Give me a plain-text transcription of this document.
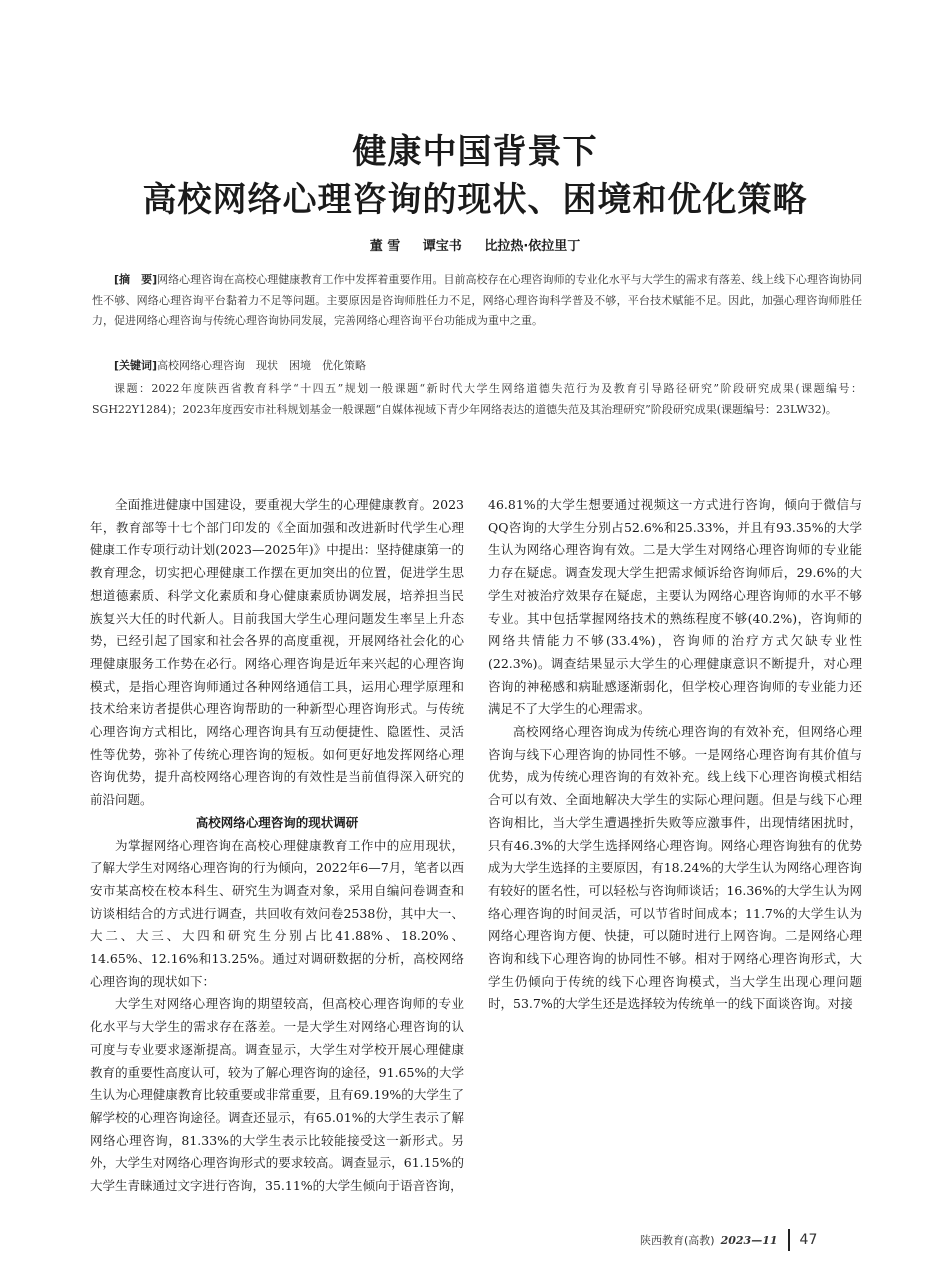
健康中国背景下
高校网络心理咨询的现状、困境和优化策略
董 雪 谭宝书 比拉热·依拉里丁

[摘　要]网络心理咨询在高校心理健康教育工作中发挥着重要作用。目前高校存在心理咨询师的专业化水平与大学生的需求有落差、线上线下心理咨询协同性不够、网络心理咨询平台黏着力不足等问题。主要原因是咨询师胜任力不足，网络心理咨询科学普及不够，平台技术赋能不足。因此，加强心理咨询师胜任力，促进网络心理咨询与传统心理咨询协同发展，完善网络心理咨询平台功能成为重中之重。

[关键词]高校网络心理咨询　现状　困境　优化策略

课题：2022年度陕西省教育科学“十四五”规划一般课题“新时代大学生网络道德失范行为及教育引导路径研究”阶段研究成果(课题编号：SGH22Y1284)；2023年度西安市社科规划基金一般课题“自媒体视域下青少年网络表达的道德失范及其治理研究”阶段研究成果(课题编号：23LW32)。

全面推进健康中国建设，要重视大学生的心理健康教育。2023年，教育部等十七个部门印发的《全面加强和改进新时代学生心理健康工作专项行动计划(2023—2025年)》中提出：坚持健康第一的教育理念，切实把心理健康工作摆在更加突出的位置，促进学生思想道德素质、科学文化素质和身心健康素质协调发展，培养担当民族复兴大任的时代新人。目前我国大学生心理问题发生率呈上升态势，已经引起了国家和社会各界的高度重视，开展网络社会化的心理健康服务工作势在必行。网络心理咨询是近年来兴起的心理咨询模式，是指心理咨询师通过各种网络通信工具，运用心理学原理和技术给来访者提供心理咨询帮助的一种新型心理咨询形式。与传统心理咨询方式相比，网络心理咨询具有互动便捷性、隐匿性、灵活性等优势，弥补了传统心理咨询的短板。如何更好地发挥网络心理咨询优势，提升高校网络心理咨询的有效性是当前值得深入研究的前沿问题。

高校网络心理咨询的现状调研

为掌握网络心理咨询在高校心理健康教育工作中的应用现状，了解大学生对网络心理咨询的行为倾向，2022年6—7月，笔者以西安市某高校在校本科生、研究生为调查对象，采用自编问卷调查和访谈相结合的方式进行调查，共回收有效问卷2538份，其中大一、大二、大三、大四和研究生分别占比41.88%、18.20%、14.65%、12.16%和13.25%。通过对调研数据的分析，高校网络心理咨询的现状如下：

大学生对网络心理咨询的期望较高，但高校心理咨询师的专业化水平与大学生的需求存在落差。一是大学生对网络心理咨询的认可度与专业要求逐渐提高。调查显示，大学生对学校开展心理健康教育的重要性高度认可，较为了解心理咨询的途径，91.65%的大学生认为心理健康教育比较重要或非常重要，且有69.19%的大学生了解学校的心理咨询途径。调查还显示，有65.01%的大学生表示了解网络心理咨询，81.33%的大学生表示比较能接受这一新形式。另外，大学生对网络心理咨询形式的要求较高。调查显示，61.15%的大学生青睐通过文字进行咨询，35.11%的大学生倾向于语音咨询，

46.81%的大学生想要通过视频这一方式进行咨询，倾向于微信与QQ咨询的大学生分别占52.6%和25.33%，并且有93.35%的大学生认为网络心理咨询有效。二是大学生对网络心理咨询师的专业能力存在疑虑。调查发现大学生把需求倾诉给咨询师后，29.6%的大学生对被治疗效果存在疑虑，主要认为网络心理咨询师的水平不够专业。其中包括掌握网络技术的熟练程度不够(40.2%)，咨询师的网络共情能力不够(33.4%)，咨询师的治疗方式欠缺专业性(22.3%)。调查结果显示大学生的心理健康意识不断提升，对心理咨询的神秘感和病耻感逐渐弱化，但学校心理咨询师的专业能力还满足不了大学生的心理需求。

高校网络心理咨询成为传统心理咨询的有效补充，但网络心理咨询与线下心理咨询的协同性不够。一是网络心理咨询有其价值与优势，成为传统心理咨询的有效补充。线上线下心理咨询模式相结合可以有效、全面地解决大学生的实际心理问题。但是与线下心理咨询相比，当大学生遭遇挫折失败等应激事件，出现情绪困扰时，只有46.3%的大学生选择网络心理咨询。网络心理咨询独有的优势成为大学生选择的主要原因，有18.24%的大学生认为网络心理咨询有较好的匿名性，可以轻松与咨询师谈话；16.36%的大学生认为网络心理咨询的时间灵活，可以节省时间成本；11.7%的大学生认为网络心理咨询方便、快捷，可以随时进行上网咨询。二是网络心理咨询和线下心理咨询的协同性不够。相对于网络心理咨询形式，大学生仍倾向于传统的线下心理咨询模式，当大学生出现心理问题时，53.7%的大学生还是选择较为传统单一的线下面谈咨询。对接

陕西教育(高教) 2023—11 47
